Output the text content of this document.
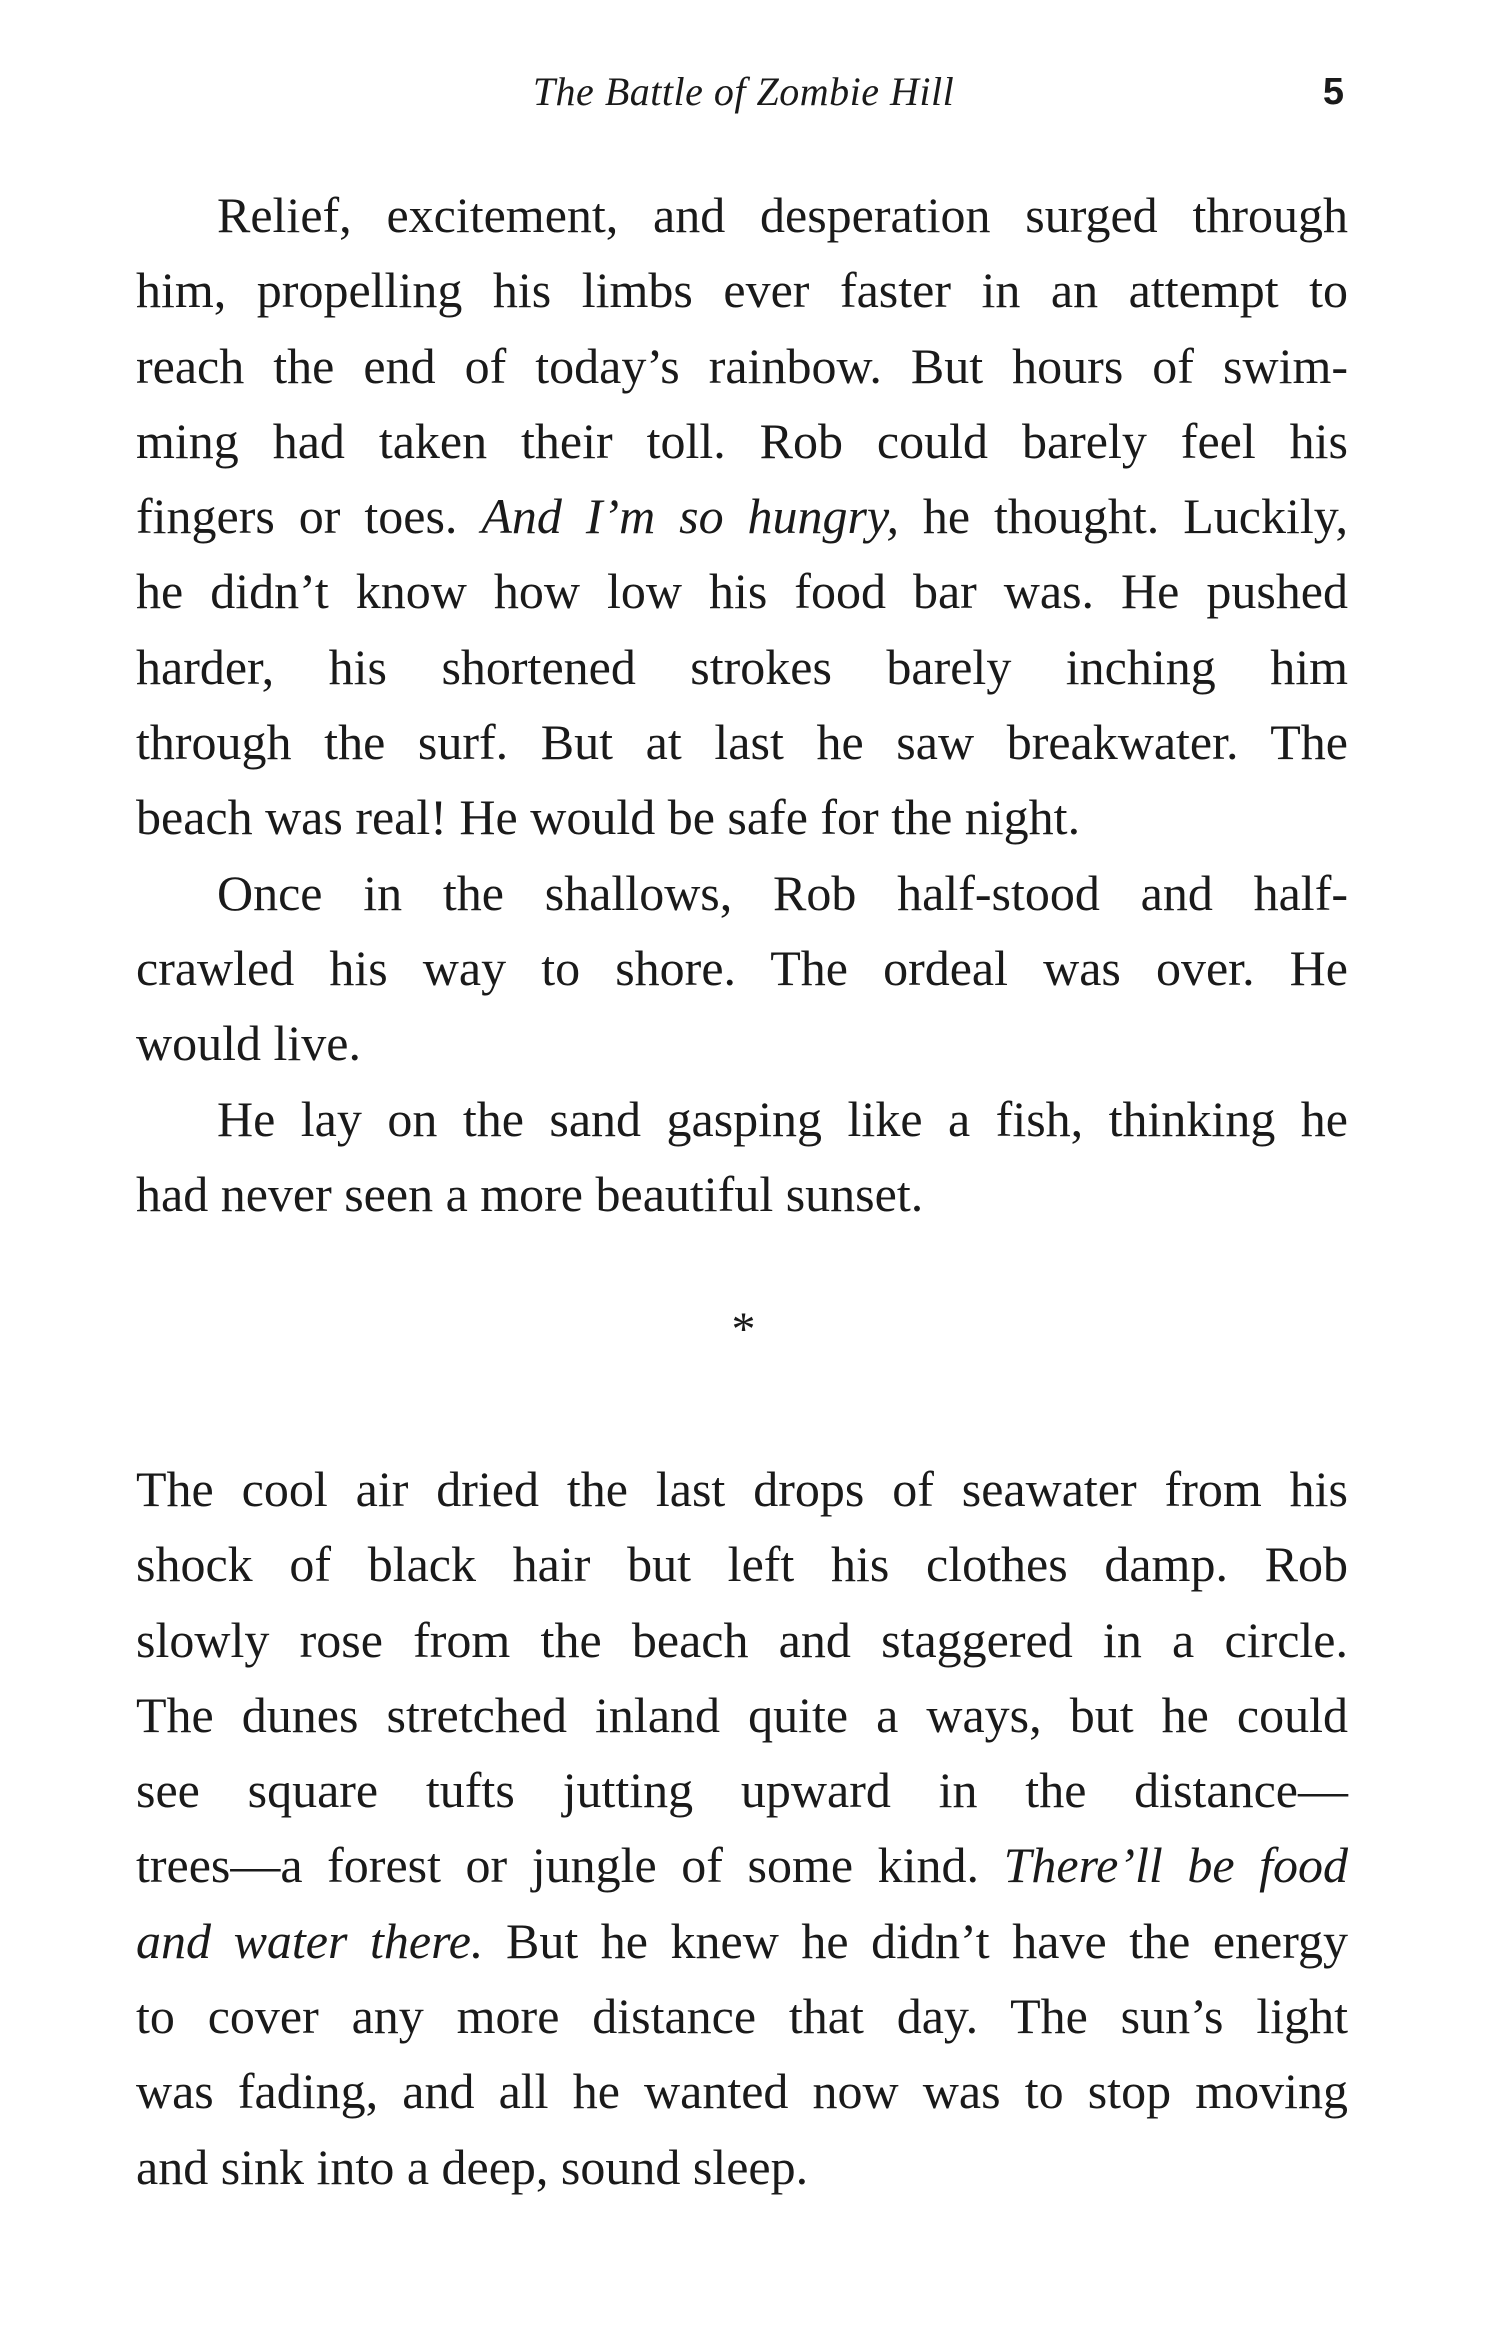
The Battle of Zombie Hill	5
Relief, excitement, and desperation surged through
him, propelling his limbs ever faster in an attempt to
reach the end of today’s rainbow. But hours of swim-
ming had taken their toll. Rob could barely feel his
fingers or toes. And I’m so hungry, he thought. Luckily,
he didn’t know how low his food bar was. He pushed
harder, his shortened strokes barely inching him
through the surf. But at last he saw breakwater. The
beach was real! He would be safe for the night.
Once in the shallows, Rob half-stood and half-
crawled his way to shore. The ordeal was over. He
would live.
He lay on the sand gasping like a fish, thinking he
had never seen a more beautiful sunset.
*
The cool air dried the last drops of seawater from his
shock of black hair but left his clothes damp. Rob
slowly rose from the beach and staggered in a circle.
The dunes stretched inland quite a ways, but he could
see square tufts jutting upward in the distance—
trees—a forest or jungle of some kind. There’ll be food
and water there. But he knew he didn’t have the energy
to cover any more distance that day. The sun’s light
was fading, and all he wanted now was to stop moving
and sink into a deep, sound sleep.
